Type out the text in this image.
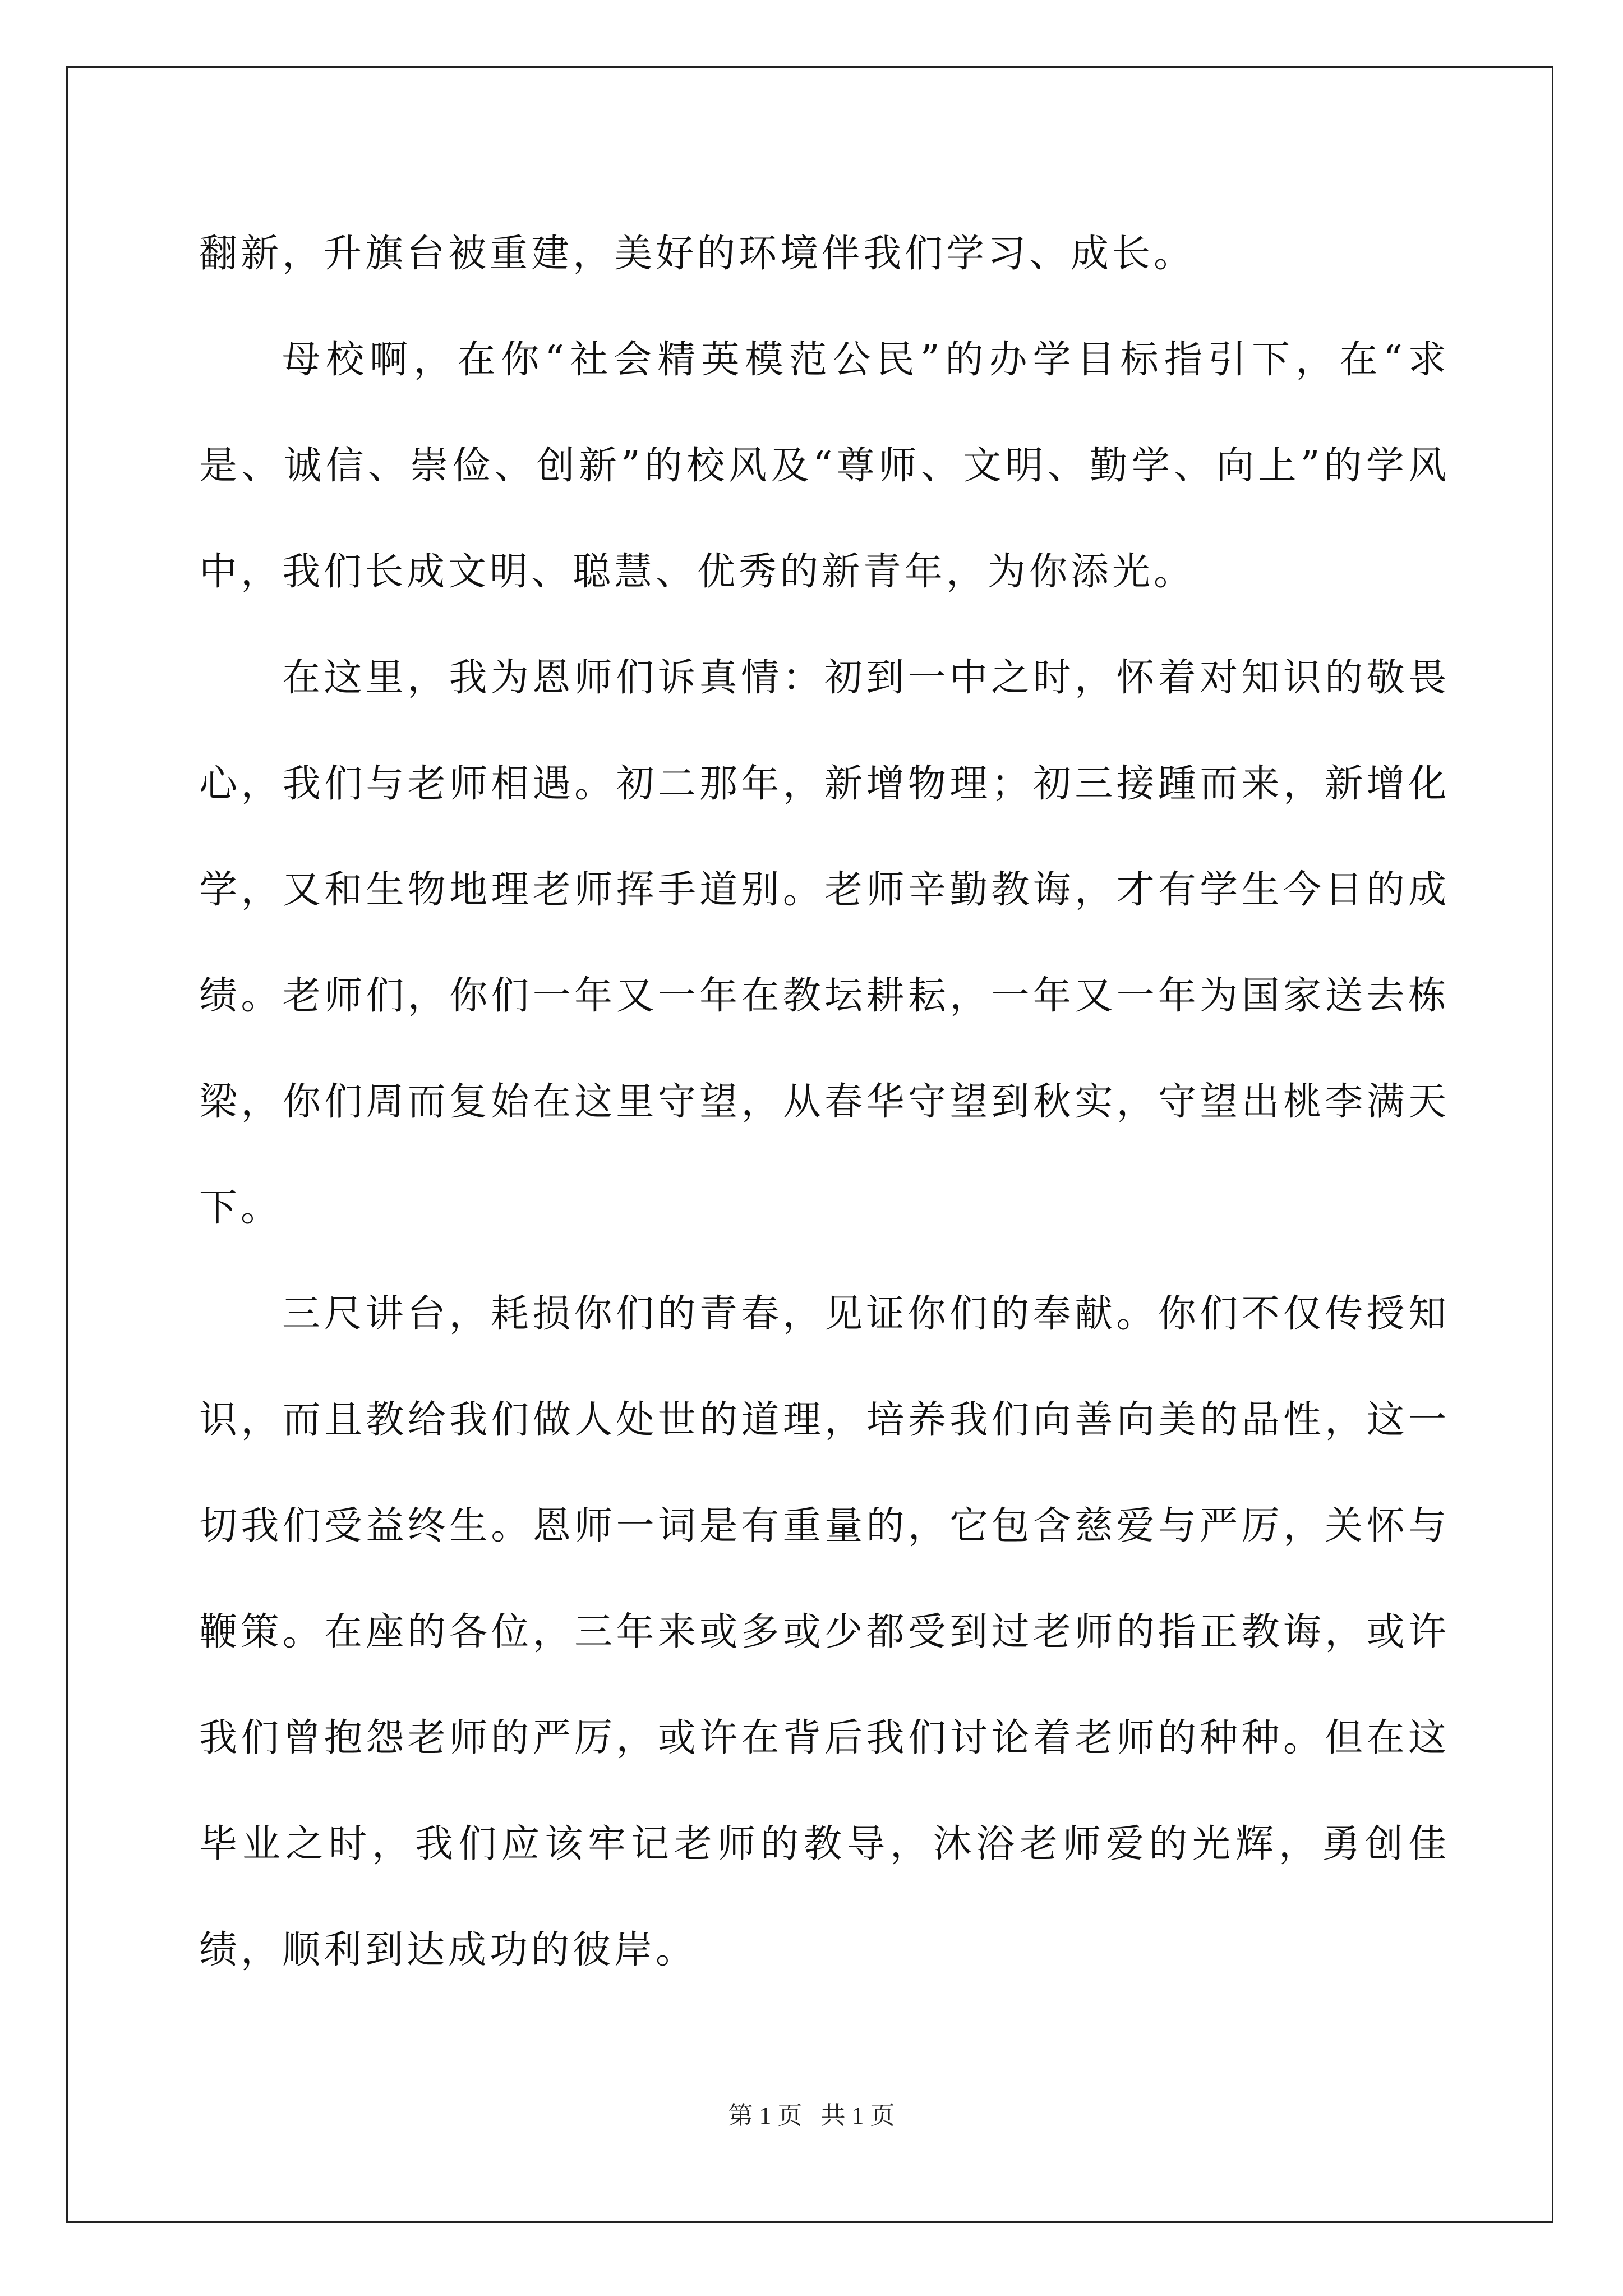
翻新，升旗台被重建，美好的环境伴我们学习、成长。

母校啊，在你“社会精英模范公民”的办学目标指引下，在“求是、诚信、崇俭、创新”的校风及“尊师、文明、勤学、向上”的学风中，我们长成文明、聪慧、优秀的新青年，为你添光。

在这里，我为恩师们诉真情：初到一中之时，怀着对知识的敬畏心，我们与老师相遇。初二那年，新增物理；初三接踵而来，新增化学，又和生物地理老师挥手道别。老师辛勤教诲，才有学生今日的成绩。老师们，你们一年又一年在教坛耕耘，一年又一年为国家送去栋梁，你们周而复始在这里守望，从春华守望到秋实，守望出桃李满天下。

三尺讲台，耗损你们的青春，见证你们的奉献。你们不仅传授知识，而且教给我们做人处世的道理，培养我们向善向美的品性，这一切我们受益终生。恩师一词是有重量的，它包含慈爱与严厉，关怀与鞭策。在座的各位，三年来或多或少都受到过老师的指正教诲，或许我们曾抱怨老师的严厉，或许在背后我们讨论着老师的种种。但在这毕业之时，我们应该牢记老师的教导，沐浴老师爱的光辉，勇创佳绩，顺利到达成功的彼岸。

第 1 页   共 1 页
